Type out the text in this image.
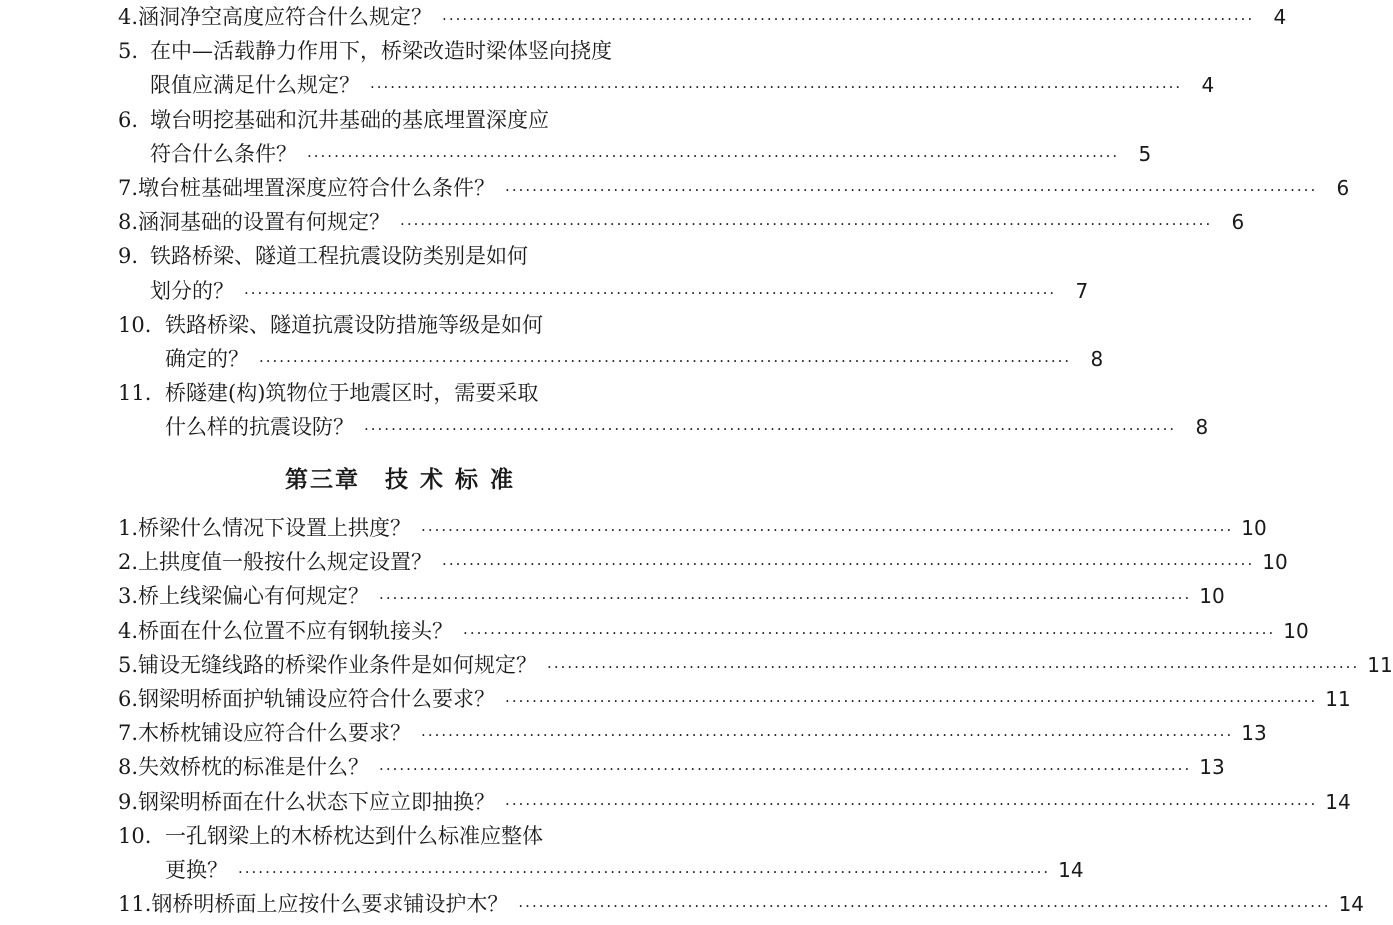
4. 涵洞净空高度应符合什么规定？ ························································································································ 4
5. 在中—活载静力作用下，桥梁改造时梁体竖向挠度
限值应满足什么规定？ ························································································································ 4
6. 墩台明挖基础和沉井基础的基底埋置深度应
符合什么条件？ ························································································································ 5
7. 墩台桩基础埋置深度应符合什么条件？ ························································································································ 6
8. 涵洞基础的设置有何规定？ ························································································································ 6
9. 铁路桥梁、隧道工程抗震设防类别是如何
划分的？ ························································································································ 7
10. 铁路桥梁、隧道抗震设防措施等级是如何
确定的？ ························································································································ 8
11. 桥隧建(构)筑物位于地震区时，需要采取
什么样的抗震设防？ ························································································································ 8
第三章　技 术 标 准
1. 桥梁什么情况下设置上拱度？ ························································································································ 10
2. 上拱度值一般按什么规定设置？ ························································································································ 10
3. 桥上线梁偏心有何规定？ ························································································································ 10
4. 桥面在什么位置不应有钢轨接头？ ························································································································ 10
5. 铺设无缝线路的桥梁作业条件是如何规定？ ························································································································ 11
6. 钢梁明桥面护轨铺设应符合什么要求？ ························································································································ 11
7. 木桥枕铺设应符合什么要求？ ························································································································ 13
8. 失效桥枕的标准是什么？ ························································································································ 13
9. 钢梁明桥面在什么状态下应立即抽换？ ························································································································ 14
10. 一孔钢梁上的木桥枕达到什么标准应整体
更换？ ························································································································ 14
11. 钢桥明桥面上应按什么要求铺设护木？ ························································································································ 14
